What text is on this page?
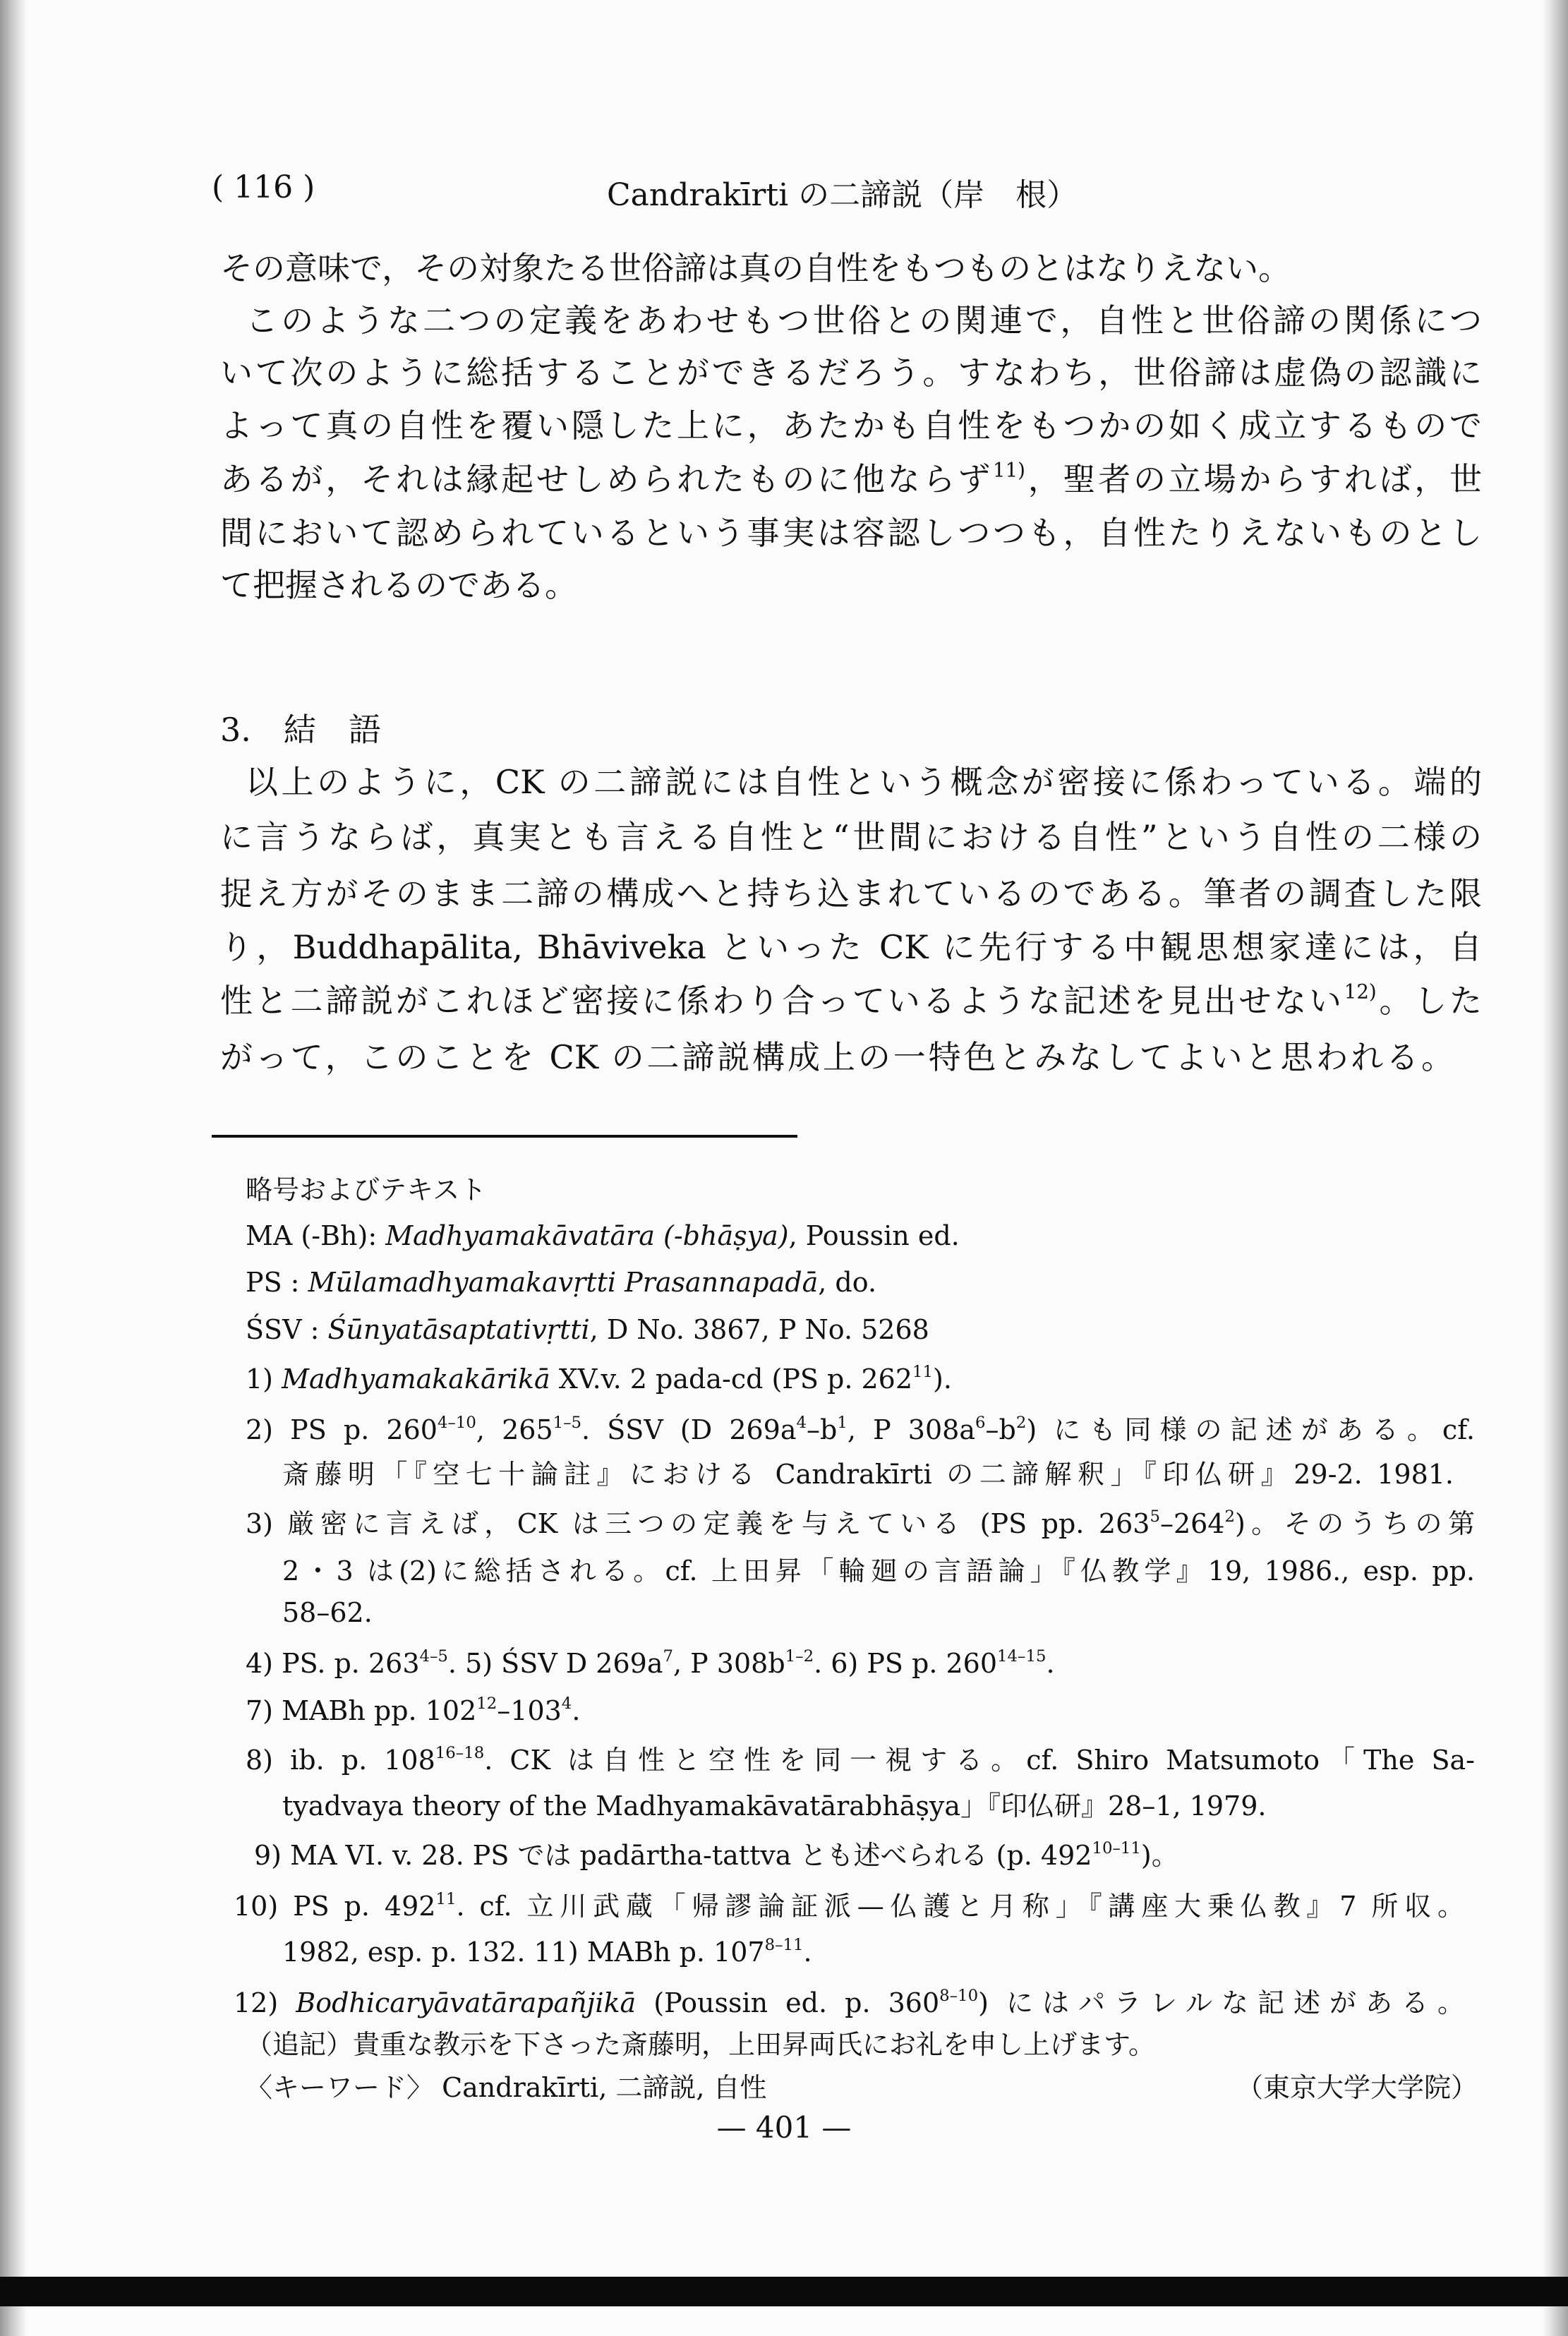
( 116 )	Candrakīrti の二諦説（岸　根）
その意味で，その対象たる世俗諦は真の自性をもつものとはなりえない。
このような二つの定義をあわせもつ世俗との関連で，自性と世俗諦の関係につ
いて次のように総括することができるだろう。すなわち，世俗諦は虚偽の認識に
よって真の自性を覆い隠した上に，あたかも自性をもつかの如く成立するもので
あるが，それは縁起せしめられたものに他ならず$^{11)}$，聖者の立場からすれば，世
間において認められているという事実は容認しつつも，自性たりえないものとし
て把握されるのである。
3.　結　語
以上のように，CK の二諦説には自性という概念が密接に係わっている。端的
に言うならば，真実とも言える自性と“世間における自性”という自性の二様の
捉え方がそのまま二諦の構成へと持ち込まれているのである。筆者の調査した限
り，Buddhapālita, Bhāviveka といった CK に先行する中観思想家達には，自
性と二諦説がこれほど密接に係わり合っているような記述を見出せない$^{12)}$。した
がって，このことを CK の二諦説構成上の一特色とみなしてよいと思われる。
略号およびテキスト
MA (-Bh): Madhyamakāvatāra (-bhāṣya), Poussin ed.
PS : Mūlamadhyamakavṛtti Prasannapadā, do.
ŚSV : Śūnyatāsaptativṛtti, D No. 3867, P No. 5268
1) Madhyamakakārikā XV.v. 2 pada-cd (PS p. $262^{11}$).
2) PS p. 260$^{4-10}$, 265$^{1-5}$. ŚSV (D $269a^4-b^1$, P $308a^6-b^2$) にも同様の記述がある。cf.
斎藤明「『空七十論註』における Candrakīrti の二諦解釈」『印仏研』29-2. 1981.
3) 厳密に言えば，CK は三つの定義を与えている (PS pp. $263^5-264^2$)。そのうちの第
2・3 は(2)に総括される。cf. 上田昇「輪廻の言語論」『仏教学』19, 1986., esp. pp.
58–62.
4) PS. p. 263$^{4-5}$. 5) ŚSV D $269a^7$, P $308b^{1-2}$. 6) PS p. 260$^{14-15}$.
7) MABh pp. $102^{12}-103^4$.
8) ib. p. 108$^{16-18}$. CK は自性と空性を同一視する。cf. Shiro Matsumoto「The Sa-
tyadvaya theory of the Madhyamakāvatārabhāṣya」『印仏研』28–1, 1979.
9) MA VI. v. 28. PS では padārtha-tattva とも述べられる (p. 492$^{10-11}$)。
10) PS p. $492^{11}$. cf. 立川武蔵「帰謬論証派—仏護と月称」『講座大乗仏教』7 所収。
1982, esp. p. 132. 11) MABh p. 107$^{8-11}$.
12) Bodhicaryāvatārapañjikā (Poussin ed. p. 360$^{8-10}$) にはパラレルな記述がある。
（追記）貴重な教示を下さった斎藤明，上田昇両氏にお礼を申し上げます。
〈キーワード〉 Candrakīrti, 二諦説, 自性	（東京大学大学院）
— 401 —
